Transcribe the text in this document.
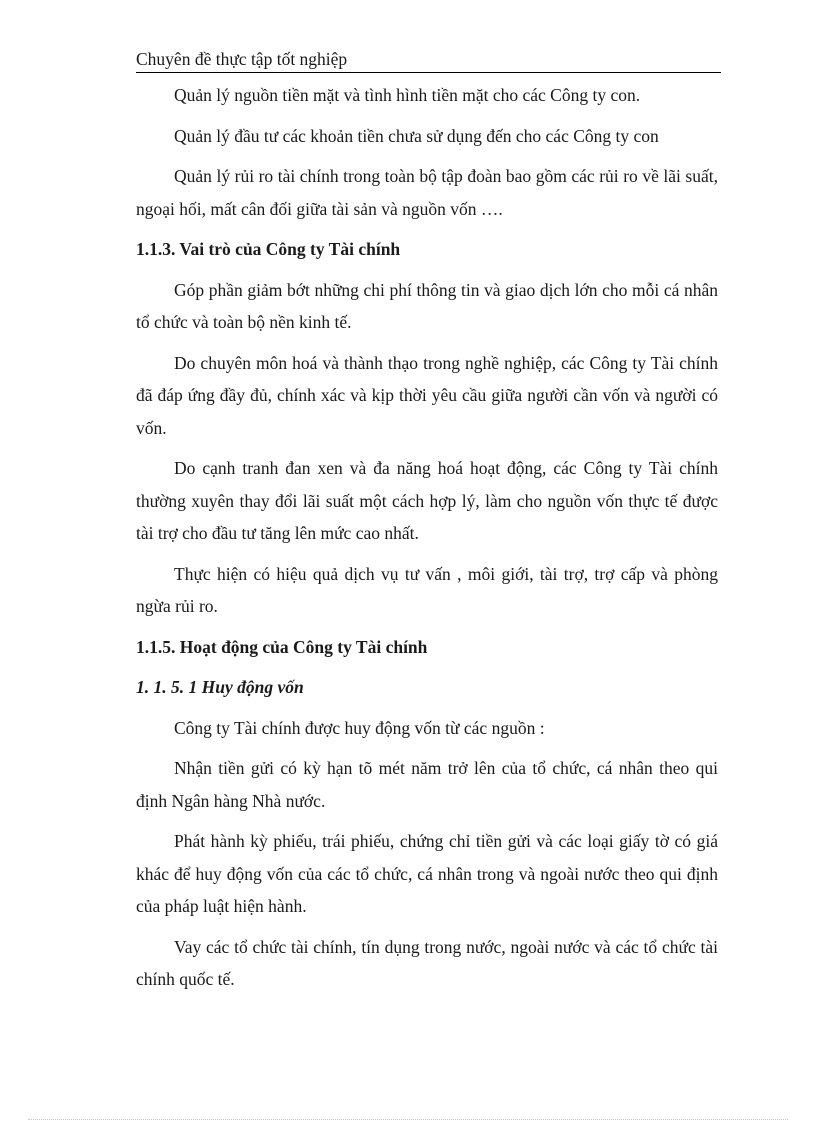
Chuyên đề thực tập tốt nghiệp

Quản lý nguồn tiền mặt và tình hình tiền mặt cho các Công ty con.

Quản lý đầu tư các khoản tiền chưa sử dụng đến cho các Công ty con

Quản lý rủi ro tài chính trong toàn bộ tập đoàn bao gồm các rủi ro về lãi suất, ngoại hối, mất cân đối giữa tài sản và nguồn vốn ….

1.1.3. Vai trò của Công ty Tài chính

Góp phần giảm bớt những chi phí thông tin và giao dịch lớn cho mỗi cá nhân tổ chức và toàn bộ nền kinh tế.

Do chuyên môn hoá và thành thạo trong nghề nghiệp, các Công ty Tài chính đã đáp ứng đầy đủ, chính xác và kịp thời yêu cầu giữa người cần vốn và người có vốn.

Do cạnh tranh đan xen và đa năng hoá hoạt động, các Công ty Tài chính thường xuyên thay đổi lãi suất một cách hợp lý, làm cho nguồn vốn thực tế được tài trợ cho đầu tư tăng lên mức cao nhất.

Thực hiện có hiệu quả dịch vụ tư vấn , môi giới, tài trợ, trợ cấp và phòng ngừa rủi ro.

1.1.5. Hoạt động của Công ty Tài chính
1. 1. 5. 1 Huy động vốn

Công ty Tài chính được huy động vốn từ các nguồn :

Nhận tiền gửi có kỳ hạn tõ mét năm trở lên của tổ chức, cá nhân theo qui định Ngân hàng Nhà nước.

Phát hành kỳ phiếu, trái phiếu, chứng chỉ tiền gửi và các loại giấy tờ có giá khác để huy động vốn của các tổ chức, cá nhân trong và ngoài nước theo qui định của pháp luật hiện hành.

Vay các tổ chức tài chính, tín dụng trong nước, ngoài nước và các tổ chức tài chính quốc tế.
